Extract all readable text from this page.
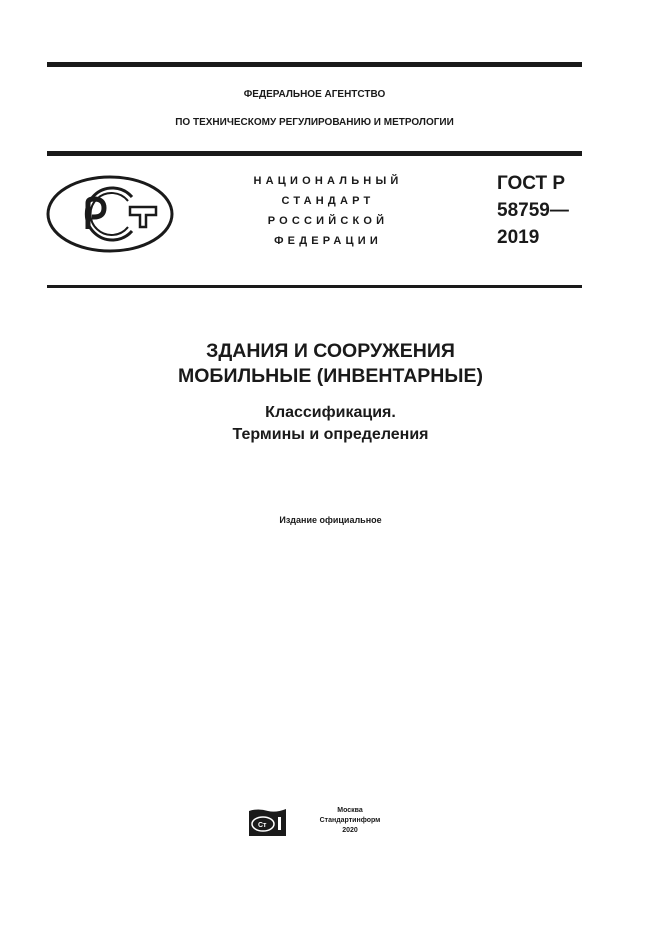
ФЕДЕРАЛЬНОЕ АГЕНТСТВО
ПО ТЕХНИЧЕСКОМУ РЕГУЛИРОВАНИЮ И МЕТРОЛОГИИ
НАЦИОНАЛЬНЫЙ
СТАНДАРТ
РОССИЙСКОЙ
ФЕДЕРАЦИИ
ГОСТ Р
58759—
2019
ЗДАНИЯ И СООРУЖЕНИЯ
МОБИЛЬНЫЕ (ИНВЕНТАРНЫЕ)
Классификация.
Термины и определения
Издание официальное
Ст
Москва
Стандартинформ
2020
